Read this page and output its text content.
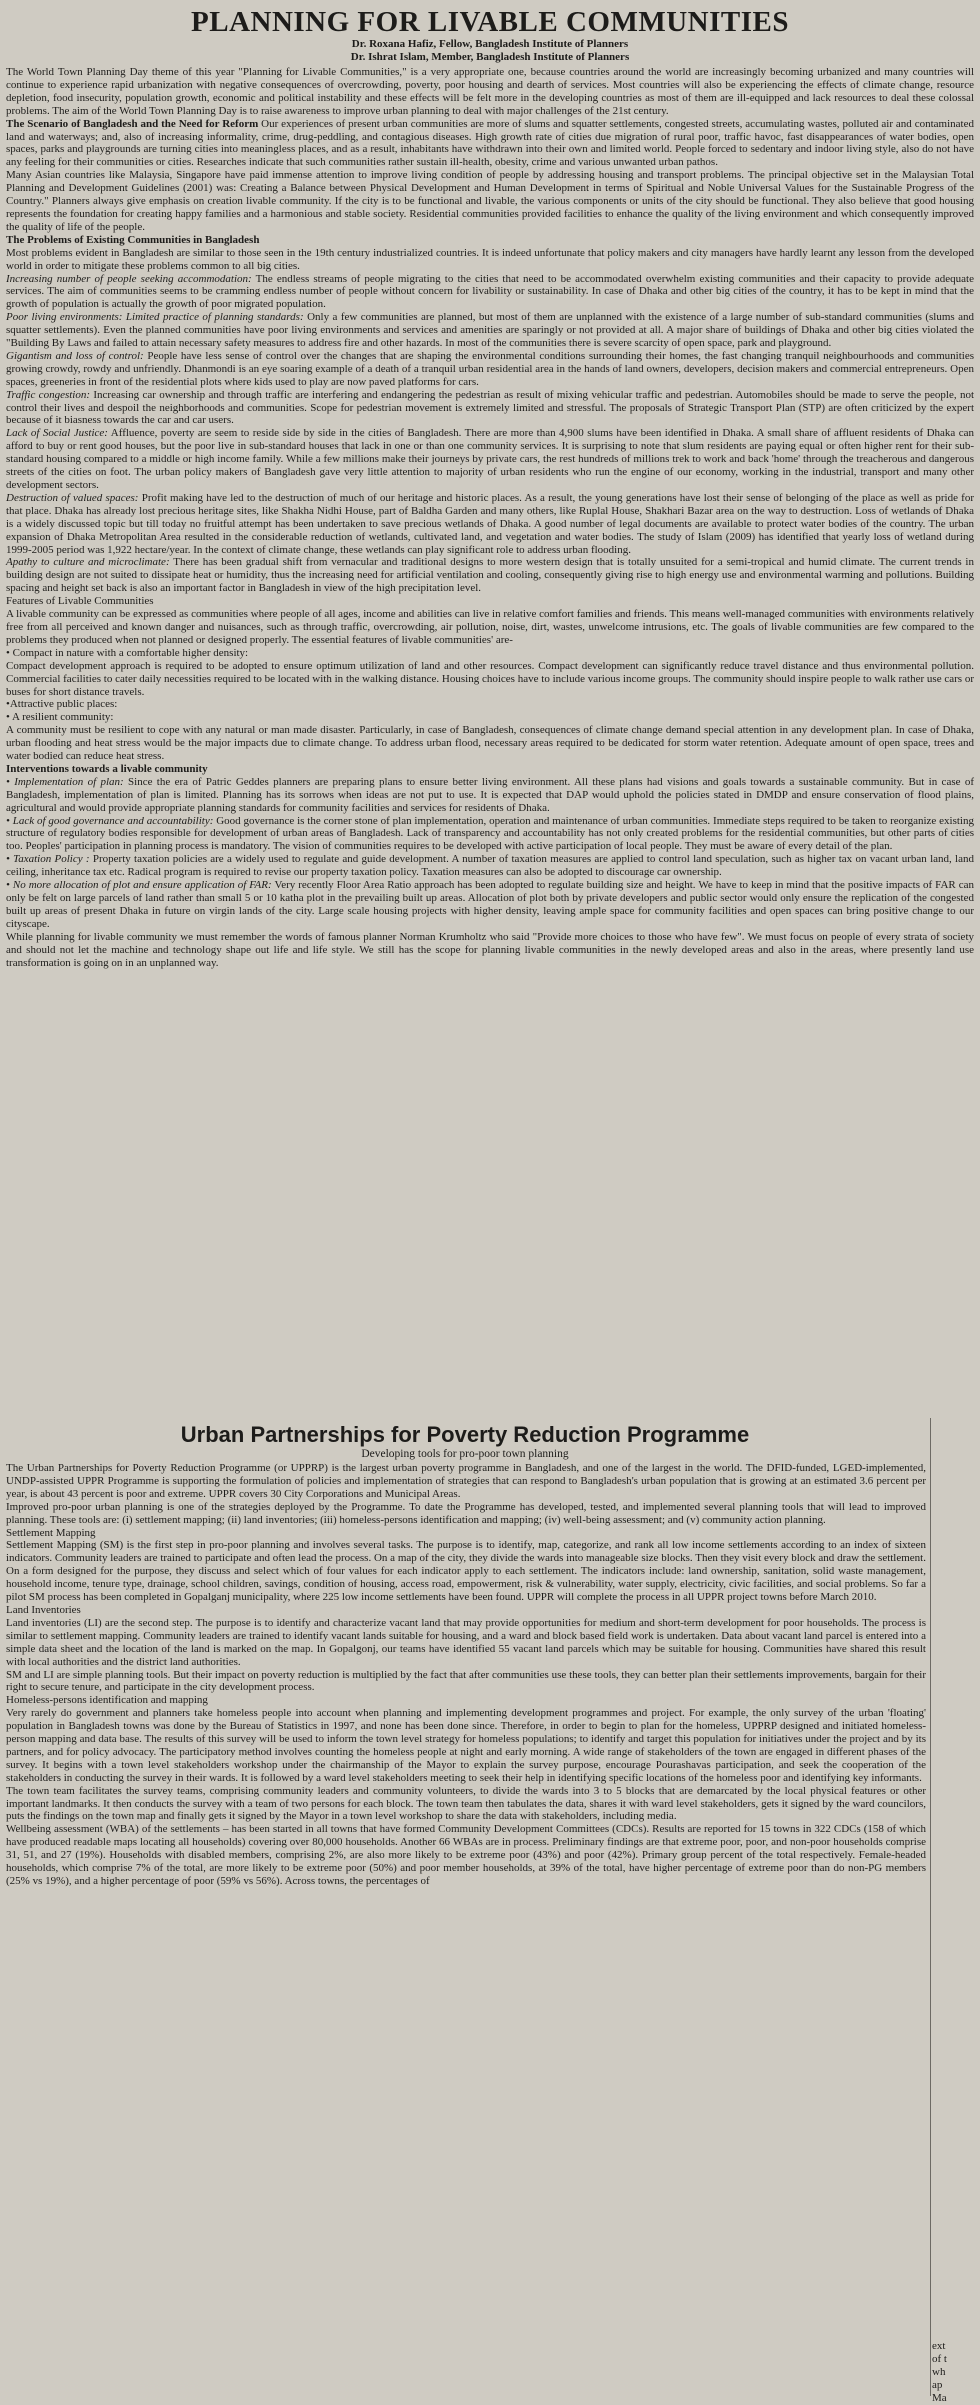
PLANNING FOR LIVABLE COMMUNITIES

Dr. Roxana Hafiz, Fellow, Bangladesh Institute of Planners

Dr. Ishrat Islam, Member, Bangladesh Institute of Planners

The World Town Planning Day theme of this year "Planning for Livable Communities," is a very appropriate one, because countries around the world are increasingly becoming urbanized and many countries will continue to experience rapid urbanization with negative consequences of overcrowding, poverty, poor housing and dearth of services. Most countries will also be experiencing the effects of climate change, resource depletion, food insecurity, population growth, economic and political instability and these effects will be felt more in the developing countries as most of them are ill-equipped and lack resources to deal these colossal problems. The aim of the World Town Planning Day is to raise awareness to improve urban planning to deal with major challenges of the 21st century.

The Scenario of Bangladesh and the Need for Reform Our experiences of present urban communities are more of slums and squatter settlements, congested streets, accumulating wastes, polluted air and contaminated land and waterways; and, also of increasing informality, crime, drug-peddling, and contagious diseases. High growth rate of cities due migration of rural poor, traffic havoc, fast disappearances of water bodies, open spaces, parks and playgrounds are turning cities into meaningless places, and as a result, inhabitants have withdrawn into their own and limited world. People forced to sedentary and indoor living style, also do not have any feeling for their communities or cities. Researches indicate that such communities rather sustain ill-health, obesity, crime and various unwanted urban pathos.

Many Asian countries like Malaysia, Singapore have paid immense attention to improve living condition of people by addressing housing and transport problems. The principal objective set in the Malaysian Total Planning and Development Guidelines (2001) was: Creating a Balance between Physical Development and Human Development in terms of Spiritual and Noble Universal Values for the Sustainable Progress of the Country." Planners always give emphasis on creation livable community. If the city is to be functional and livable, the various components or units of the city should be functional. They also believe that good housing represents the foundation for creating happy families and a harmonious and stable society. Residential communities provided facilities to enhance the quality of the living environment and which consequently improved the quality of life of the people.

The Problems of Existing Communities in Bangladesh

Most problems evident in Bangladesh are similar to those seen in the 19th century industrialized countries. It is indeed unfortunate that policy makers and city managers have hardly learnt any lesson from the developed world in order to mitigate these problems common to all big cities.

Increasing number of people seeking accommodation: The endless streams of people migrating to the cities that need to be accommodated overwhelm existing communities and their capacity to provide adequate services. The aim of communities seems to be cramming endless number of people without concern for livability or sustainability. In case of Dhaka and other big cities of the country, it has to be kept in mind that the growth of population is actually the growth of poor migrated population.

Poor living environments: Limited practice of planning standards: Only a few communities are planned, but most of them are unplanned with the existence of a large number of sub-standard communities (slums and squatter settlements). Even the planned communities have poor living environments and services and amenities are sparingly or not provided at all. A major share of buildings of Dhaka and other big cities violated the "Building By Laws and failed to attain necessary safety measures to address fire and other hazards. In most of the communities there is severe scarcity of open space, park and playground.

Gigantism and loss of control: People have less sense of control over the changes that are shaping the environmental conditions surrounding their homes, the fast changing tranquil neighbourhoods and communities growing crowdy, rowdy and unfriendly. Dhanmondi is an eye soaring example of a death of a tranquil urban residential area in the hands of land owners, developers, decision makers and commercial entrepreneurs. Open spaces, greeneries in front of the residential plots where kids used to play are now paved platforms for cars.

Traffic congestion: Increasing car ownership and through traffic are interfering and endangering the pedestrian as result of mixing vehicular traffic and pedestrian. Automobiles should be made to serve the people, not control their lives and despoil the neighborhoods and communities. Scope for pedestrian movement is extremely limited and stressful. The proposals of Strategic Transport Plan (STP) are often criticized by the expert because of it biasness towards the car and car users.

Lack of Social Justice: Affluence, poverty are seem to reside side by side in the cities of Bangladesh. There are more than 4,900 slums have been identified in Dhaka. A small share of affluent residents of Dhaka can afford to buy or rent good houses, but the poor live in sub-standard houses that lack in one or than one community services. It is surprising to note that slum residents are paying equal or often higher rent for their sub-standard housing compared to a middle or high income family. While a few millions make their journeys by private cars, the rest hundreds of millions trek to work and back 'home' through the treacherous and dangerous streets of the cities on foot. The urban policy makers of Bangladesh gave very little attention to majority of urban residents who run the engine of our economy, working in the industrial, transport and many other development sectors.

Destruction of valued spaces: Profit making have led to the destruction of much of our heritage and historic places. As a result, the young generations have lost their sense of belonging of the place as well as pride for that place. Dhaka has already lost precious heritage sites, like Shakha Nidhi House, part of Baldha Garden and many others, like Ruplal House, Shakhari Bazar area on the way to destruction. Loss of wetlands of Dhaka is a widely discussed topic but till today no fruitful attempt has been undertaken to save precious wetlands of Dhaka. A good number of legal documents are available to protect water bodies of the country. The urban expansion of Dhaka Metropolitan Area resulted in the considerable reduction of wetlands, cultivated land, and vegetation and water bodies. The study of Islam (2009) has identified that yearly loss of wetland during 1999-2005 period was 1,922 hectare/year. In the context of climate change, these wetlands can play significant role to address urban flooding.

Apathy to culture and microclimate: There has been gradual shift from vernacular and traditional designs to more western design that is totally unsuited for a semi-tropical and humid climate. The current trends in building design are not suited to dissipate heat or humidity, thus the increasing need for artificial ventilation and cooling, consequently giving rise to high energy use and environmental warming and pollutions. Building spacing and height set back is also an important factor in Bangladesh in view of the high precipitation level.

Features of Livable Communities

A livable community can be expressed as communities where people of all ages, income and abilities can live in relative comfort families and friends. This means well-managed communities with environments relatively free from all perceived and known danger and nuisances, such as through traffic, overcrowding, air pollution, noise, dirt, wastes, unwelcome intrusions, etc. The goals of livable communities are few compared to the problems they produced when not planned or designed properly. The essential features of livable communities' are-

• Compact in nature with a comfortable higher density:

Compact development approach is required to be adopted to ensure optimum utilization of land and other resources. Compact development can significantly reduce travel distance and thus environmental pollution. Commercial facilities to cater daily necessities required to be located with in the walking distance. Housing choices have to include various income groups. The community should inspire people to walk rather use cars or buses for short distance travels.

•Attractive public places:

• A resilient community:

A community must be resilient to cope with any natural or man made disaster. Particularly, in case of Bangladesh, consequences of climate change demand special attention in any development plan. In case of Dhaka, urban flooding and heat stress would be the major impacts due to climate change. To address urban flood, necessary areas required to be dedicated for storm water retention. Adequate amount of open space, trees and water bodied can reduce heat stress.

Interventions towards a livable community

• Implementation of plan: Since the era of Patric Geddes planners are preparing plans to ensure better living environment. All these plans had visions and goals towards a sustainable community. But in case of Bangladesh, implementation of plan is limited. Planning has its sorrows when ideas are not put to use. It is expected that DAP would uphold the policies stated in DMDP and ensure conservation of flood plains, agricultural and would provide appropriate planning standards for community facilities and services for residents of Dhaka.

• Lack of good governance and accountability: Good governance is the corner stone of plan implementation, operation and maintenance of urban communities. Immediate steps required to be taken to reorganize existing structure of regulatory bodies responsible for development of urban areas of Bangladesh. Lack of transparency and accountability has not only created problems for the residential communities, but other parts of cities too. Peoples' participation in planning process is mandatory. The vision of communities requires to be developed with active participation of local people. They must be aware of every detail of the plan.

• Taxation Policy : Property taxation policies are a widely used to regulate and guide development. A number of taxation measures are applied to control land speculation, such as higher tax on vacant urban land, land ceiling, inheritance tax etc. Radical program is required to revise our property taxation policy. Taxation measures can also be adopted to discourage car ownership.

• No more allocation of plot and ensure application of FAR: Very recently Floor Area Ratio approach has been adopted to regulate building size and height. We have to keep in mind that the positive impacts of FAR can only be felt on large parcels of land rather than small 5 or 10 katha plot in the prevailing built up areas. Allocation of plot both by private developers and public sector would only ensure the replication of the congested built up areas of present Dhaka in future on virgin lands of the city. Large scale housing projects with higher density, leaving ample space for community facilities and open spaces can bring positive change to our cityscape.

While planning for livable community we must remember the words of famous planner Norman Krumholtz who said "Provide more choices to those who have few". We must focus on people of every strata of society and should not let the machine and technology shape out life and life style. We still has the scope for planning livable communities in the newly developed areas and also in the areas, where presently land use transformation is going on in an unplanned way.

Urban Partnerships for Poverty Reduction Programme

Developing tools for pro-poor town planning

The Urban Partnerships for Poverty Reduction Programme (or UPPRP) is the largest urban poverty programme in Bangladesh, and one of the largest in the world. The DFID-funded, LGED-implemented, UNDP-assisted UPPR Programme is supporting the formulation of policies and implementation of strategies that can respond to Bangladesh's urban population that is growing at an estimated 3.6 percent per year, is about 43 percent is poor and extreme. UPPR covers 30 City Corporations and Municipal Areas.

Improved pro-poor urban planning is one of the strategies deployed by the Programme. To date the Programme has developed, tested, and implemented several planning tools that will lead to improved planning. These tools are: (i) settlement mapping; (ii) land inventories; (iii) homeless-persons identification and mapping; (iv) well-being assessment; and (v) community action planning.

Settlement Mapping

Settlement Mapping (SM) is the first step in pro-poor planning and involves several tasks. The purpose is to identify, map, categorize, and rank all low income settlements according to an index of sixteen indicators. Community leaders are trained to participate and often lead the process. On a map of the city, they divide the wards into manageable size blocks. Then they visit every block and draw the settlement. On a form designed for the purpose, they discuss and select which of four values for each indicator apply to each settlement. The indicators include: land ownership, sanitation, solid waste management, household income, tenure type, drainage, school children, savings, condition of housing, access road, empowerment, risk & vulnerability, water supply, electricity, civic facilities, and social problems. So far a pilot SM process has been completed in Gopalganj municipality, where 225 low income settlements have been found. UPPR will complete the process in all UPPR project towns before March 2010.

Land Inventories

Land inventories (LI) are the second step. The purpose is to identify and characterize vacant land that may provide opportunities for medium and short-term development for poor households. The process is similar to settlement mapping. Community leaders are trained to identify vacant lands suitable for housing, and a ward and block based field work is undertaken. Data about vacant land parcel is entered into a simple data sheet and the location of the land is marked on the map. In Gopalgonj, our teams have identified 55 vacant land parcels which may be suitable for housing. Communities have shared this result with local authorities and the district land authorities.

SM and LI are simple planning tools. But their impact on poverty reduction is multiplied by the fact that after communities use these tools, they can better plan their settlements improvements, bargain for their right to secure tenure, and participate in the city development process.

Homeless-persons identification and mapping

Very rarely do government and planners take homeless people into account when planning and implementing development programmes and project. For example, the only survey of the urban 'floating' population in Bangladesh towns was done by the Bureau of Statistics in 1997, and none has been done since. Therefore, in order to begin to plan for the homeless, UPPRP designed and initiated homeless-person mapping and data base. The results of this survey will be used to inform the town level strategy for homeless populations; to identify and target this population for initiatives under the project and by its partners, and for policy advocacy. The participatory method involves counting the homeless people at night and early morning. A wide range of stakeholders of the town are engaged in different phases of the survey. It begins with a town level stakeholders workshop under the chairmanship of the Mayor to explain the survey purpose, encourage Pourashavas participation, and seek the cooperation of the stakeholders in conducting the survey in their wards. It is followed by a ward level stakeholders meeting to seek their help in identifying specific locations of the homeless poor and identifying key informants.

The town team facilitates the survey teams, comprising community leaders and community volunteers, to divide the wards into 3 to 5 blocks that are demarcated by the local physical features or other important landmarks. It then conducts the survey with a team of two persons for each block. The town team then tabulates the data, shares it with ward level stakeholders, gets it signed by the ward councilors, puts the findings on the town map and finally gets it signed by the Mayor in a town level workshop to share the data with stakeholders, including media.

Wellbeing assessment (WBA) of the settlements – has been started in all towns that have formed Community Development Committees (CDCs). Results are reported for 15 towns in 322 CDCs (158 of which have produced readable maps locating all households) covering over 80,000 households. Another 66 WBAs are in process. Preliminary findings are that extreme poor, poor, and non-poor households comprise 31, 51, and 27 (19%). Households with disabled members, comprising 2%, are also more likely to be extreme poor (43%) and poor (42%). Primary group percent of the total respectively. Female-headed households, which comprise 7% of the total, are more likely to be extreme poor (50%) and poor member households, at 39% of the total, have higher percentage of extreme poor than do non-PG members (25% vs 19%), and a higher percentage of poor (59% vs 56%). Across towns, the percentages of

ext

of t

wh

ap

Ma
